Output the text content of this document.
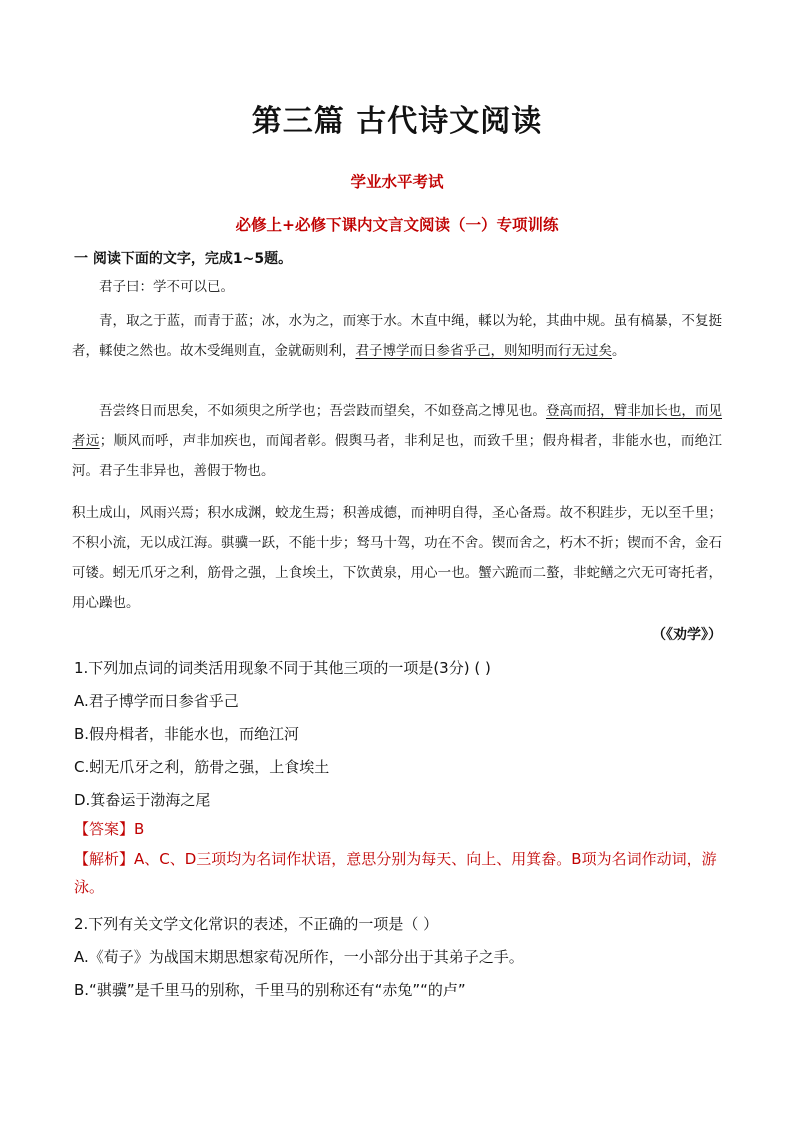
第三篇 古代诗文阅读
学业水平考试
必修上+必修下课内文言文阅读（一）专项训练
一 阅读下面的文字，完成1~5题。
君子曰：学不可以已。
青，取之于蓝，而青于蓝；冰，水为之，而寒于水。木直中绳，輮以为轮，其曲中规。虽有槁暴，不复挺者，輮使之然也。故木受绳则直，金就砺则利，君子博学而日参省乎己，则知明而行无过矣。
吾尝终日而思矣，不如须臾之所学也；吾尝跂而望矣，不如登高之博见也。登高而招，臂非加长也，而见者远；顺风而呼，声非加疾也，而闻者彰。假舆马者，非利足也，而致千里；假舟楫者，非能水也，而绝江河。君子生非异也，善假于物也。
积土成山，风雨兴焉；积水成渊，蛟龙生焉；积善成德，而神明自得，圣心备焉。故不积跬步，无以至千里；不积小流，无以成江海。骐骥一跃，不能十步；驽马十驾，功在不舍。锲而舍之，朽木不折；锲而不舍，金石可镂。蚓无爪牙之利，筋骨之强，上食埃土，下饮黄泉，用心一也。蟹六跪而二螯，非蛇鳝之穴无可寄托者，用心躁也。
（《劝学》）
1.下列加点词的词类活用现象不同于其他三项的一项是(3分) ( )
A.君子博学而日参省乎己
B.假舟楫者，非能水也，而绝江河
C.蚓无爪牙之利，筋骨之强，上食埃土
D.箕畚运于渤海之尾
【答案】B
【解析】A、C、D三项均为名词作状语，意思分别为每天、向上、用箕畚。B项为名词作动词，游泳。
2.下列有关文学文化常识的表述，不正确的一项是（ ）
A.《荀子》为战国末期思想家荀况所作，一小部分出于其弟子之手。
B.“骐骥”是千里马的别称，千里马的别称还有“赤兔”“的卢”
